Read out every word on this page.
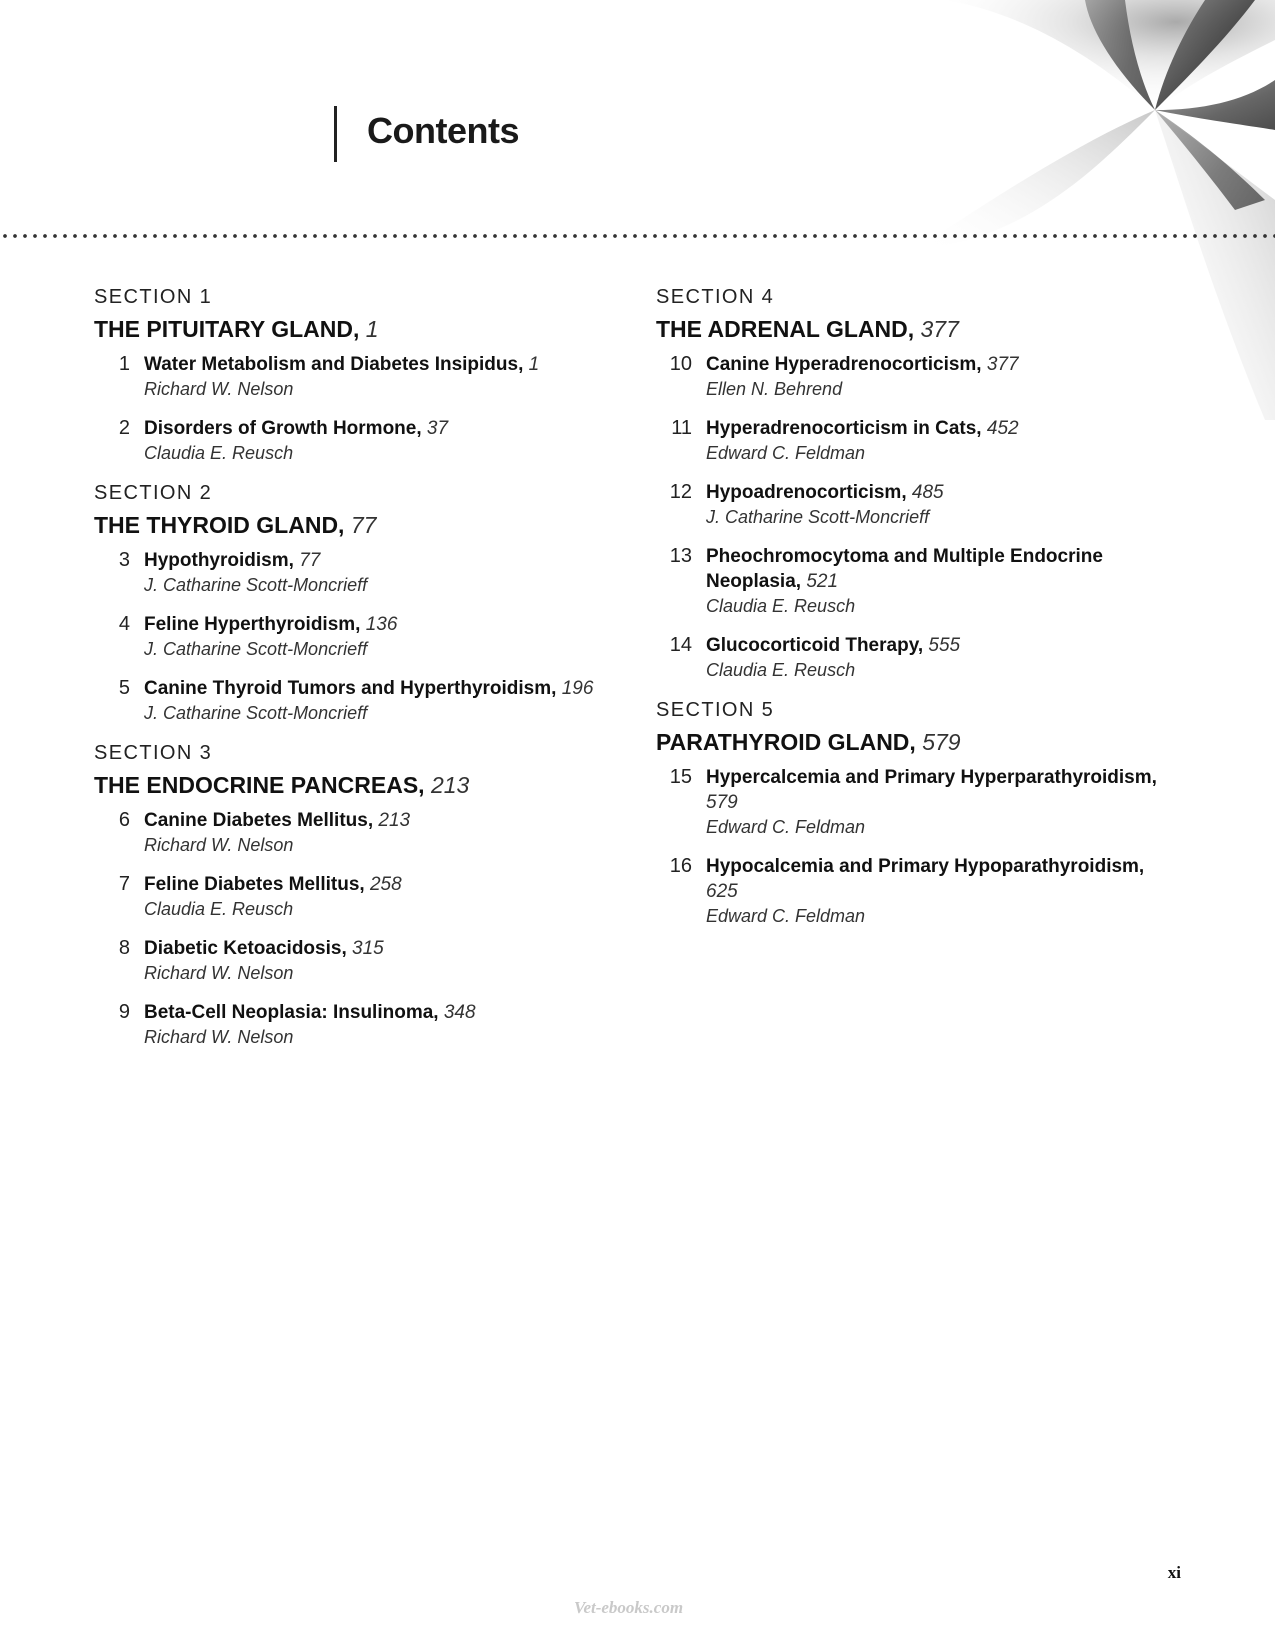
Contents
SECTION 1
THE PITUITARY GLAND, 1
1 Water Metabolism and Diabetes Insipidus, 1
Richard W. Nelson
2 Disorders of Growth Hormone, 37
Claudia E. Reusch
SECTION 2
THE THYROID GLAND, 77
3 Hypothyroidism, 77
J. Catharine Scott-Moncrieff
4 Feline Hyperthyroidism, 136
J. Catharine Scott-Moncrieff
5 Canine Thyroid Tumors and Hyperthyroidism, 196
J. Catharine Scott-Moncrieff
SECTION 3
THE ENDOCRINE PANCREAS, 213
6 Canine Diabetes Mellitus, 213
Richard W. Nelson
7 Feline Diabetes Mellitus, 258
Claudia E. Reusch
8 Diabetic Ketoacidosis, 315
Richard W. Nelson
9 Beta-Cell Neoplasia: Insulinoma, 348
Richard W. Nelson
SECTION 4
THE ADRENAL GLAND, 377
10 Canine Hyperadrenocorticism, 377
Ellen N. Behrend
11 Hyperadrenocorticism in Cats, 452
Edward C. Feldman
12 Hypoadrenocorticism, 485
J. Catharine Scott-Moncrieff
13 Pheochromocytoma and Multiple Endocrine Neoplasia, 521
Claudia E. Reusch
14 Glucocorticoid Therapy, 555
Claudia E. Reusch
SECTION 5
PARATHYROID GLAND, 579
15 Hypercalcemia and Primary Hyperparathyroidism, 579
Edward C. Feldman
16 Hypocalcemia and Primary Hypoparathyroidism, 625
Edward C. Feldman
xi
Vet-ebooks.com
